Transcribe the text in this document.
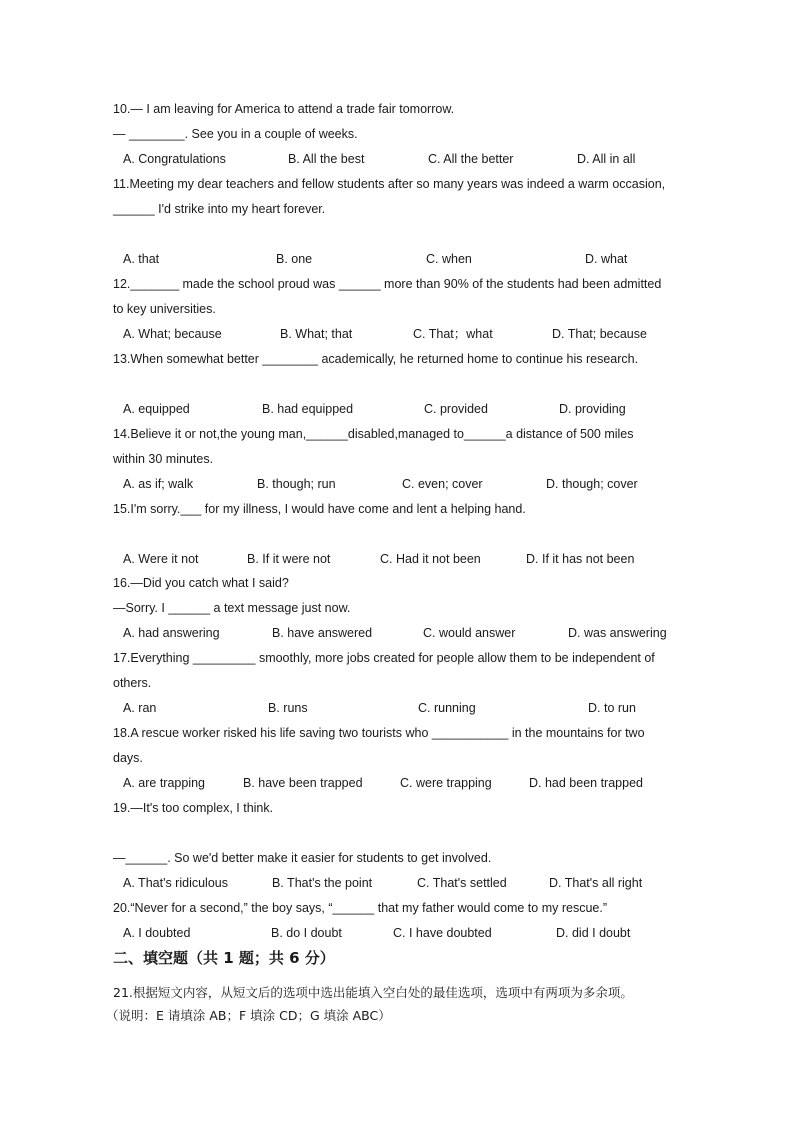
10.— I am leaving for America to attend a trade fair tomorrow.
— ________. See you in a couple of weeks.
A. Congratulations	B. All the best	C. All the better	D. All in all
11.Meeting my dear teachers and fellow students after so many years was indeed a warm occasion,
______ I'd strike into my heart forever.
A. that	B. one	C. when	D. what
12._______ made the school proud was ______ more than 90% of the students had been admitted
to key universities.
A. What; because	B. What; that	C. That；what	D. That; because
13.When somewhat better ________ academically, he returned home to continue his research.
A. equipped	B. had equipped	C. provided	D. providing
14.Believe it or not,the young man,______disabled,managed to______a distance of 500 miles
within 30 minutes.
A. as if; walk	B. though; run	C. even; cover	D. though; cover
15.I'm sorry.___ for my illness, I would have come and lent a helping hand.
A. Were it not	B. If it were not	C. Had it not been	D. If it has not been
16.—Did you catch what I said?
—Sorry. I ______ a text message just now.
A. had answering	B. have answered	C. would answer	D. was answering
17.Everything _________ smoothly, more jobs created for people allow them to be independent of
others.
A. ran	B. runs	C. running	D. to run
18.A rescue worker risked his life saving two tourists who ___________ in the mountains for two
days.
A. are trapping	B. have been trapped	C. were trapping	D. had been trapped
19.—It's too complex, I think.
—______. So we'd better make it easier for students to get involved.
A. That's ridiculous	B. That's the point	C. That's settled	D. That's all right
20.“Never for a second,” the boy says, “______ that my father would come to my rescue.”
A. I doubted	B. do I doubt	C. I have doubted	D. did I doubt
二、填空题（共 1 题；共 6 分）
21.根据短文内容，从短文后的选项中选出能填入空白处的最佳选项，选项中有两项为多余项。
（说明：E 请填涂 AB；F 填涂 CD；G 填涂 ABC）
